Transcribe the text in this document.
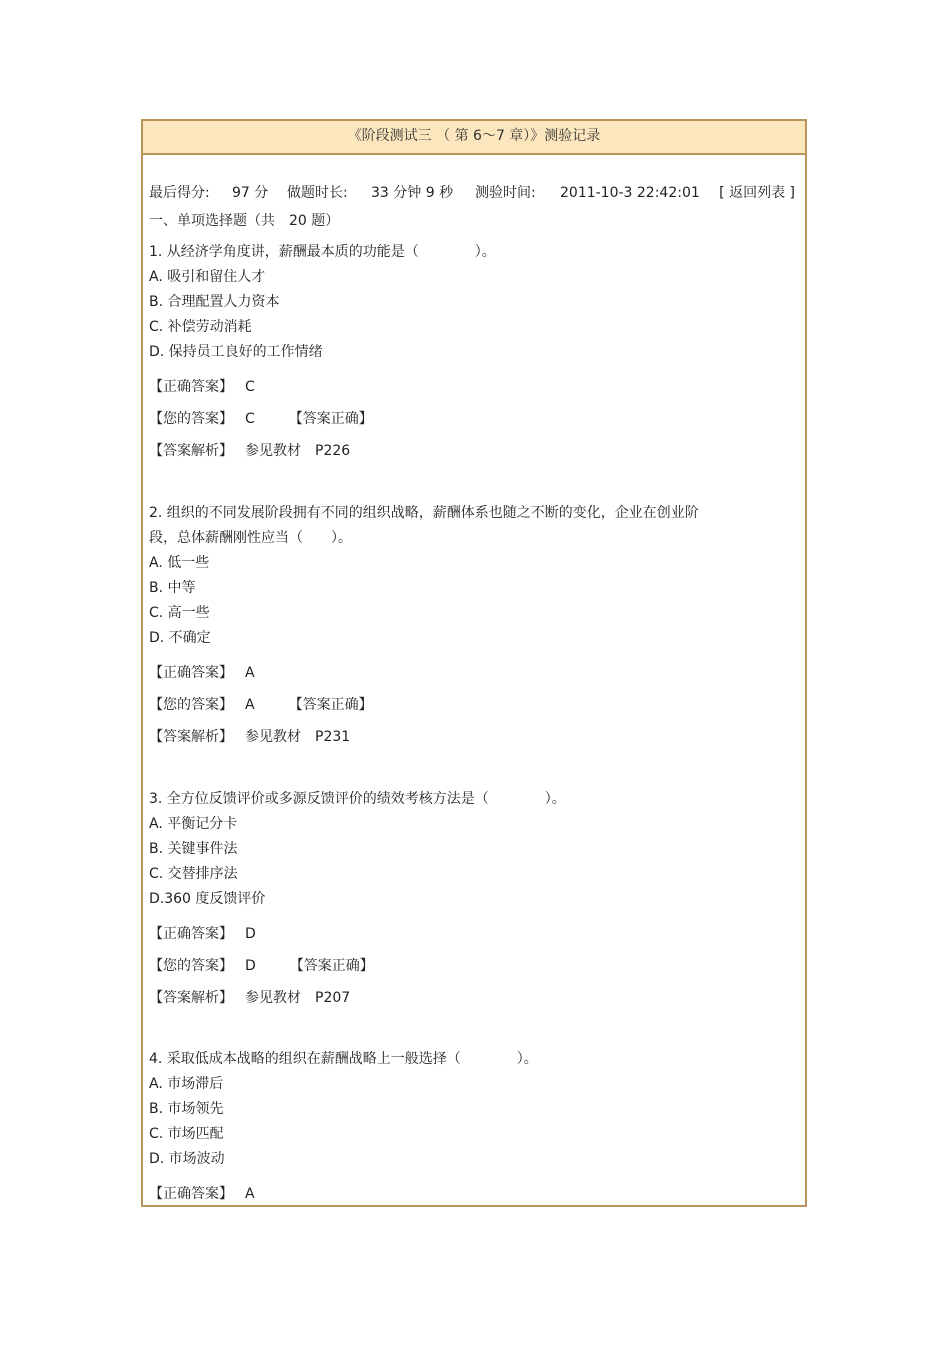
《阶段测试三 （ 第 6～7 章）》测验记录
最后得分: 97 分 做题时长: 33 分钟 9 秒 测验时间: 2011-10-3 22:42:01 [ 返回列表 ]
一、单项选择题（共　20 题）

1. 从经济学角度讲，薪酬最本质的功能是（　　　　）。

A. 吸引和留住人才

B. 合理配置人力资本

C. 补偿劳动消耗

D. 保持员工良好的工作情绪

【正确答案】 C
【您的答案】 C 【答案正确】
【答案解析】 参见教材　P226

2. 组织的不同发展阶段拥有不同的组织战略，薪酬体系也随之不断的变化，企业在创业阶

段，总体薪酬刚性应当（　　）。

A. 低一些

B. 中等

C. 高一些

D. 不确定

【正确答案】 A
【您的答案】 A 【答案正确】
【答案解析】 参见教材　P231

3. 全方位反馈评价或多源反馈评价的绩效考核方法是（　　　　）。

A. 平衡记分卡

B. 关键事件法

C. 交替排序法

D.360 度反馈评价

【正确答案】 D
【您的答案】 D 【答案正确】
【答案解析】 参见教材　P207

4. 采取低成本战略的组织在薪酬战略上一般选择（　　　　）。

A. 市场滞后

B. 市场领先

C. 市场匹配

D. 市场波动

【正确答案】 A
